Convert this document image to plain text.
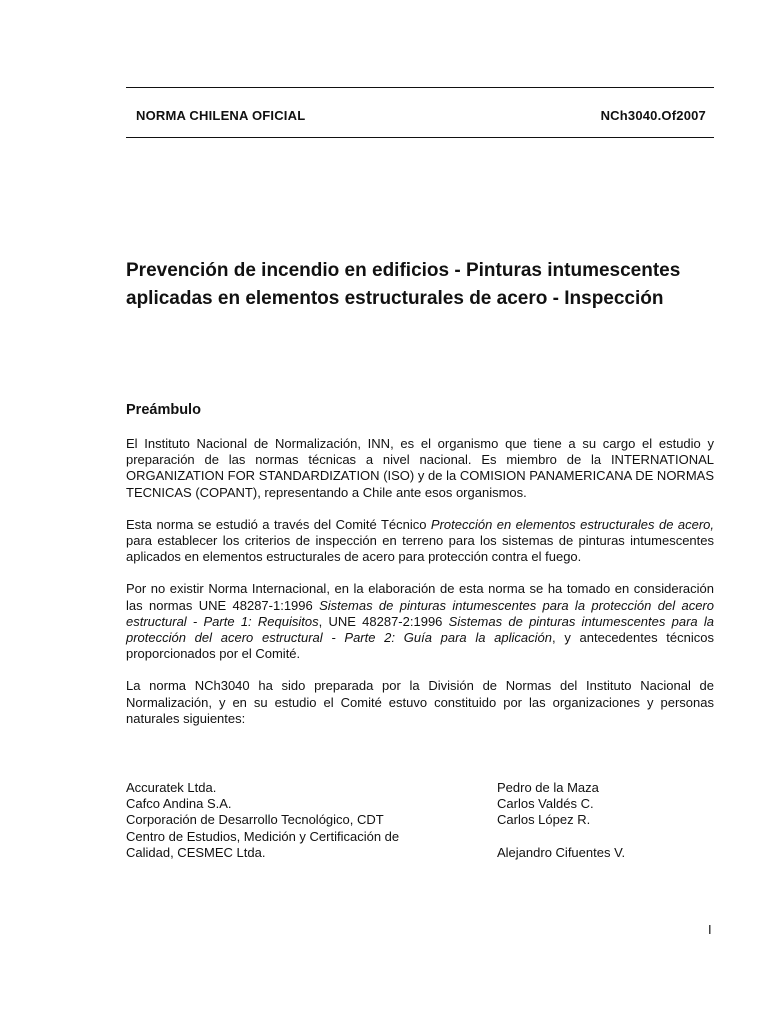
NORMA CHILENA OFICIAL	NCh3040.Of2007
Prevención de incendio en edificios - Pinturas intumescentes
aplicadas en elementos estructurales de acero - Inspección
Preámbulo

El Instituto Nacional de Normalización, INN, es el organismo que tiene a su cargo el estudio y preparación de las normas técnicas a nivel nacional. Es miembro de la INTERNATIONAL ORGANIZATION FOR STANDARDIZATION (ISO) y de la COMISION PANAMERICANA DE NORMAS TECNICAS (COPANT), representando a Chile ante esos organismos.

Esta norma se estudió a través del Comité Técnico Protección en elementos estructurales de acero, para establecer los criterios de inspección en terreno para los sistemas de pinturas intumescentes aplicados en elementos estructurales de acero para protección contra el fuego.

Por no existir Norma Internacional, en la elaboración de esta norma se ha tomado en consideración las normas UNE 48287-1:1996 Sistemas de pinturas intumescentes para la protección del acero estructural - Parte 1: Requisitos, UNE 48287-2:1996 Sistemas de pinturas intumescentes para la protección del acero estructural - Parte 2: Guía para la aplicación, y antecedentes técnicos proporcionados por el Comité.

La norma NCh3040 ha sido preparada por la División de Normas del Instituto Nacional de Normalización, y en su estudio el Comité estuvo constituido por las organizaciones y personas naturales siguientes:

Accuratek Ltda.
Cafco Andina S.A.
Corporación de Desarrollo Tecnológico, CDT
Centro de Estudios, Medición y Certificación de
Calidad, CESMEC Ltda.
Pedro de la Maza
Carlos Valdés C.
Carlos López R.
Alejandro Cifuentes V.
I
